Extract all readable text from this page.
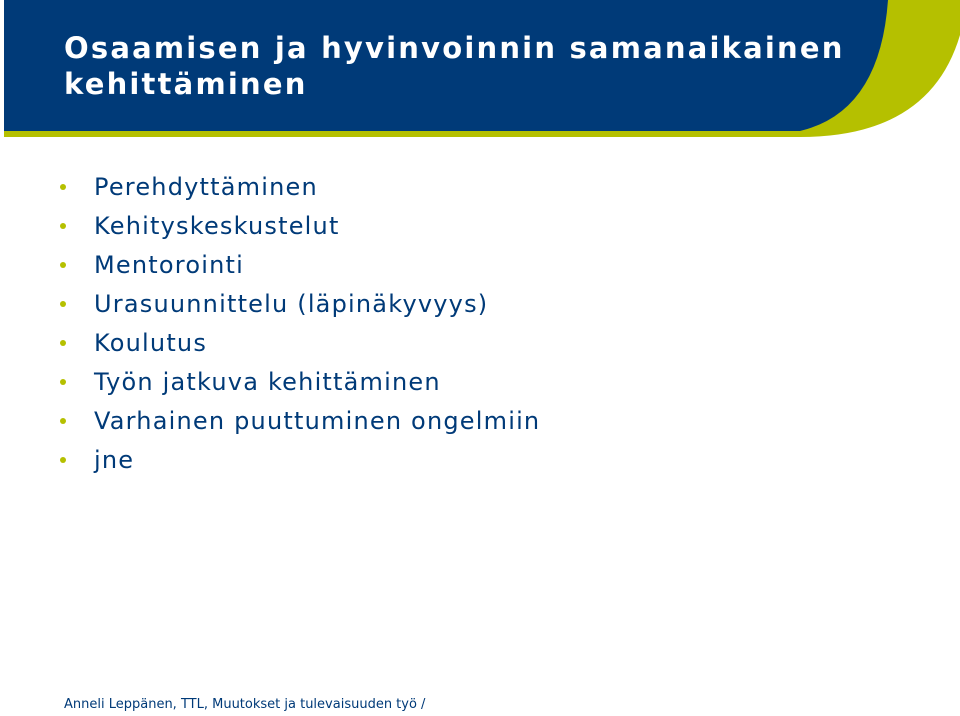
Osaamisen ja hyvinvoinnin samanaikainen
kehittäminen
Perehdyttäminen
Kehityskeskustelut
Mentorointi
Urasuunnittelu (läpinäkyvyys)
Koulutus
Työn jatkuva kehittäminen
Varhainen puuttuminen ongelmiin
jne
Anneli Leppänen, TTL, Muutokset ja tulevaisuuden työ /
